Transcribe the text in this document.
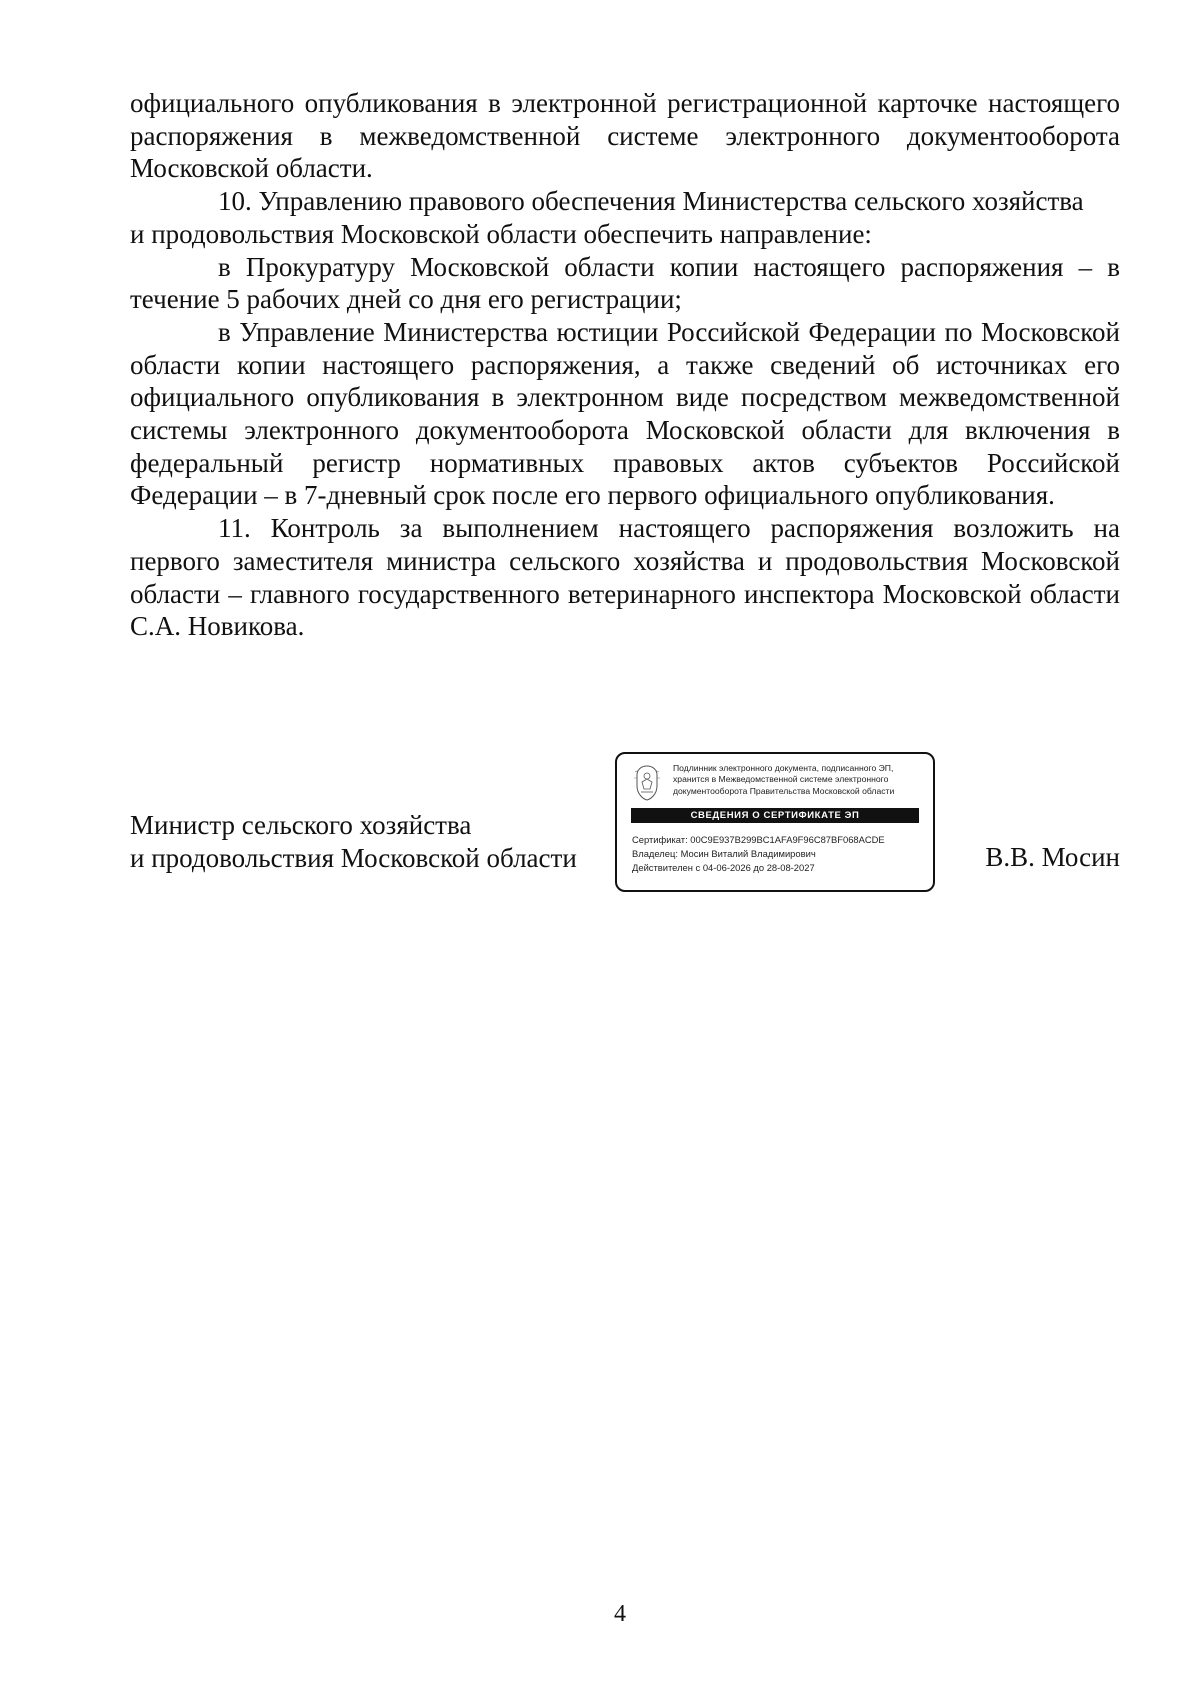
официального опубликования в электронной регистрационной карточке настоящего распоряжения в межведомственной системе электронного документооборота Московской области.

10. Управлению правового обеспечения Министерства сельского хозяйства

и продовольствия Московской области обеспечить направление:

в Прокуратуру Московской области копии настоящего распоряжения – в течение 5 рабочих дней со дня его регистрации;

в Управление Министерства юстиции Российской Федерации по Московской области копии настоящего распоряжения, а также сведений об источниках его официального опубликования в электронном виде посредством межведомственной системы электронного документооборота Московской области для включения в федеральный регистр нормативных правовых актов субъектов Российской Федерации – в 7-дневный срок после его первого официального опубликования.

11. Контроль за выполнением настоящего распоряжения возложить на первого заместителя министра сельского хозяйства и продовольствия Московской области – главного государственного ветеринарного инспектора Московской области С.А. Новикова.

Министр сельского хозяйства
и продовольствия Московской области	В.В. Мосин
Подлинник электронного документа, подписанного ЭП,
хранится в Межведомственной системе электронного
документооборота Правительства Московской области
СВЕДЕНИЯ О СЕРТИФИКАТЕ ЭП
Сертификат: 00C9E937B299BC1AFA9F96C87BF068ACDE
Владелец: Мосин Виталий Владимирович
Действителен с 04-06-2026 до 28-08-2027
4
